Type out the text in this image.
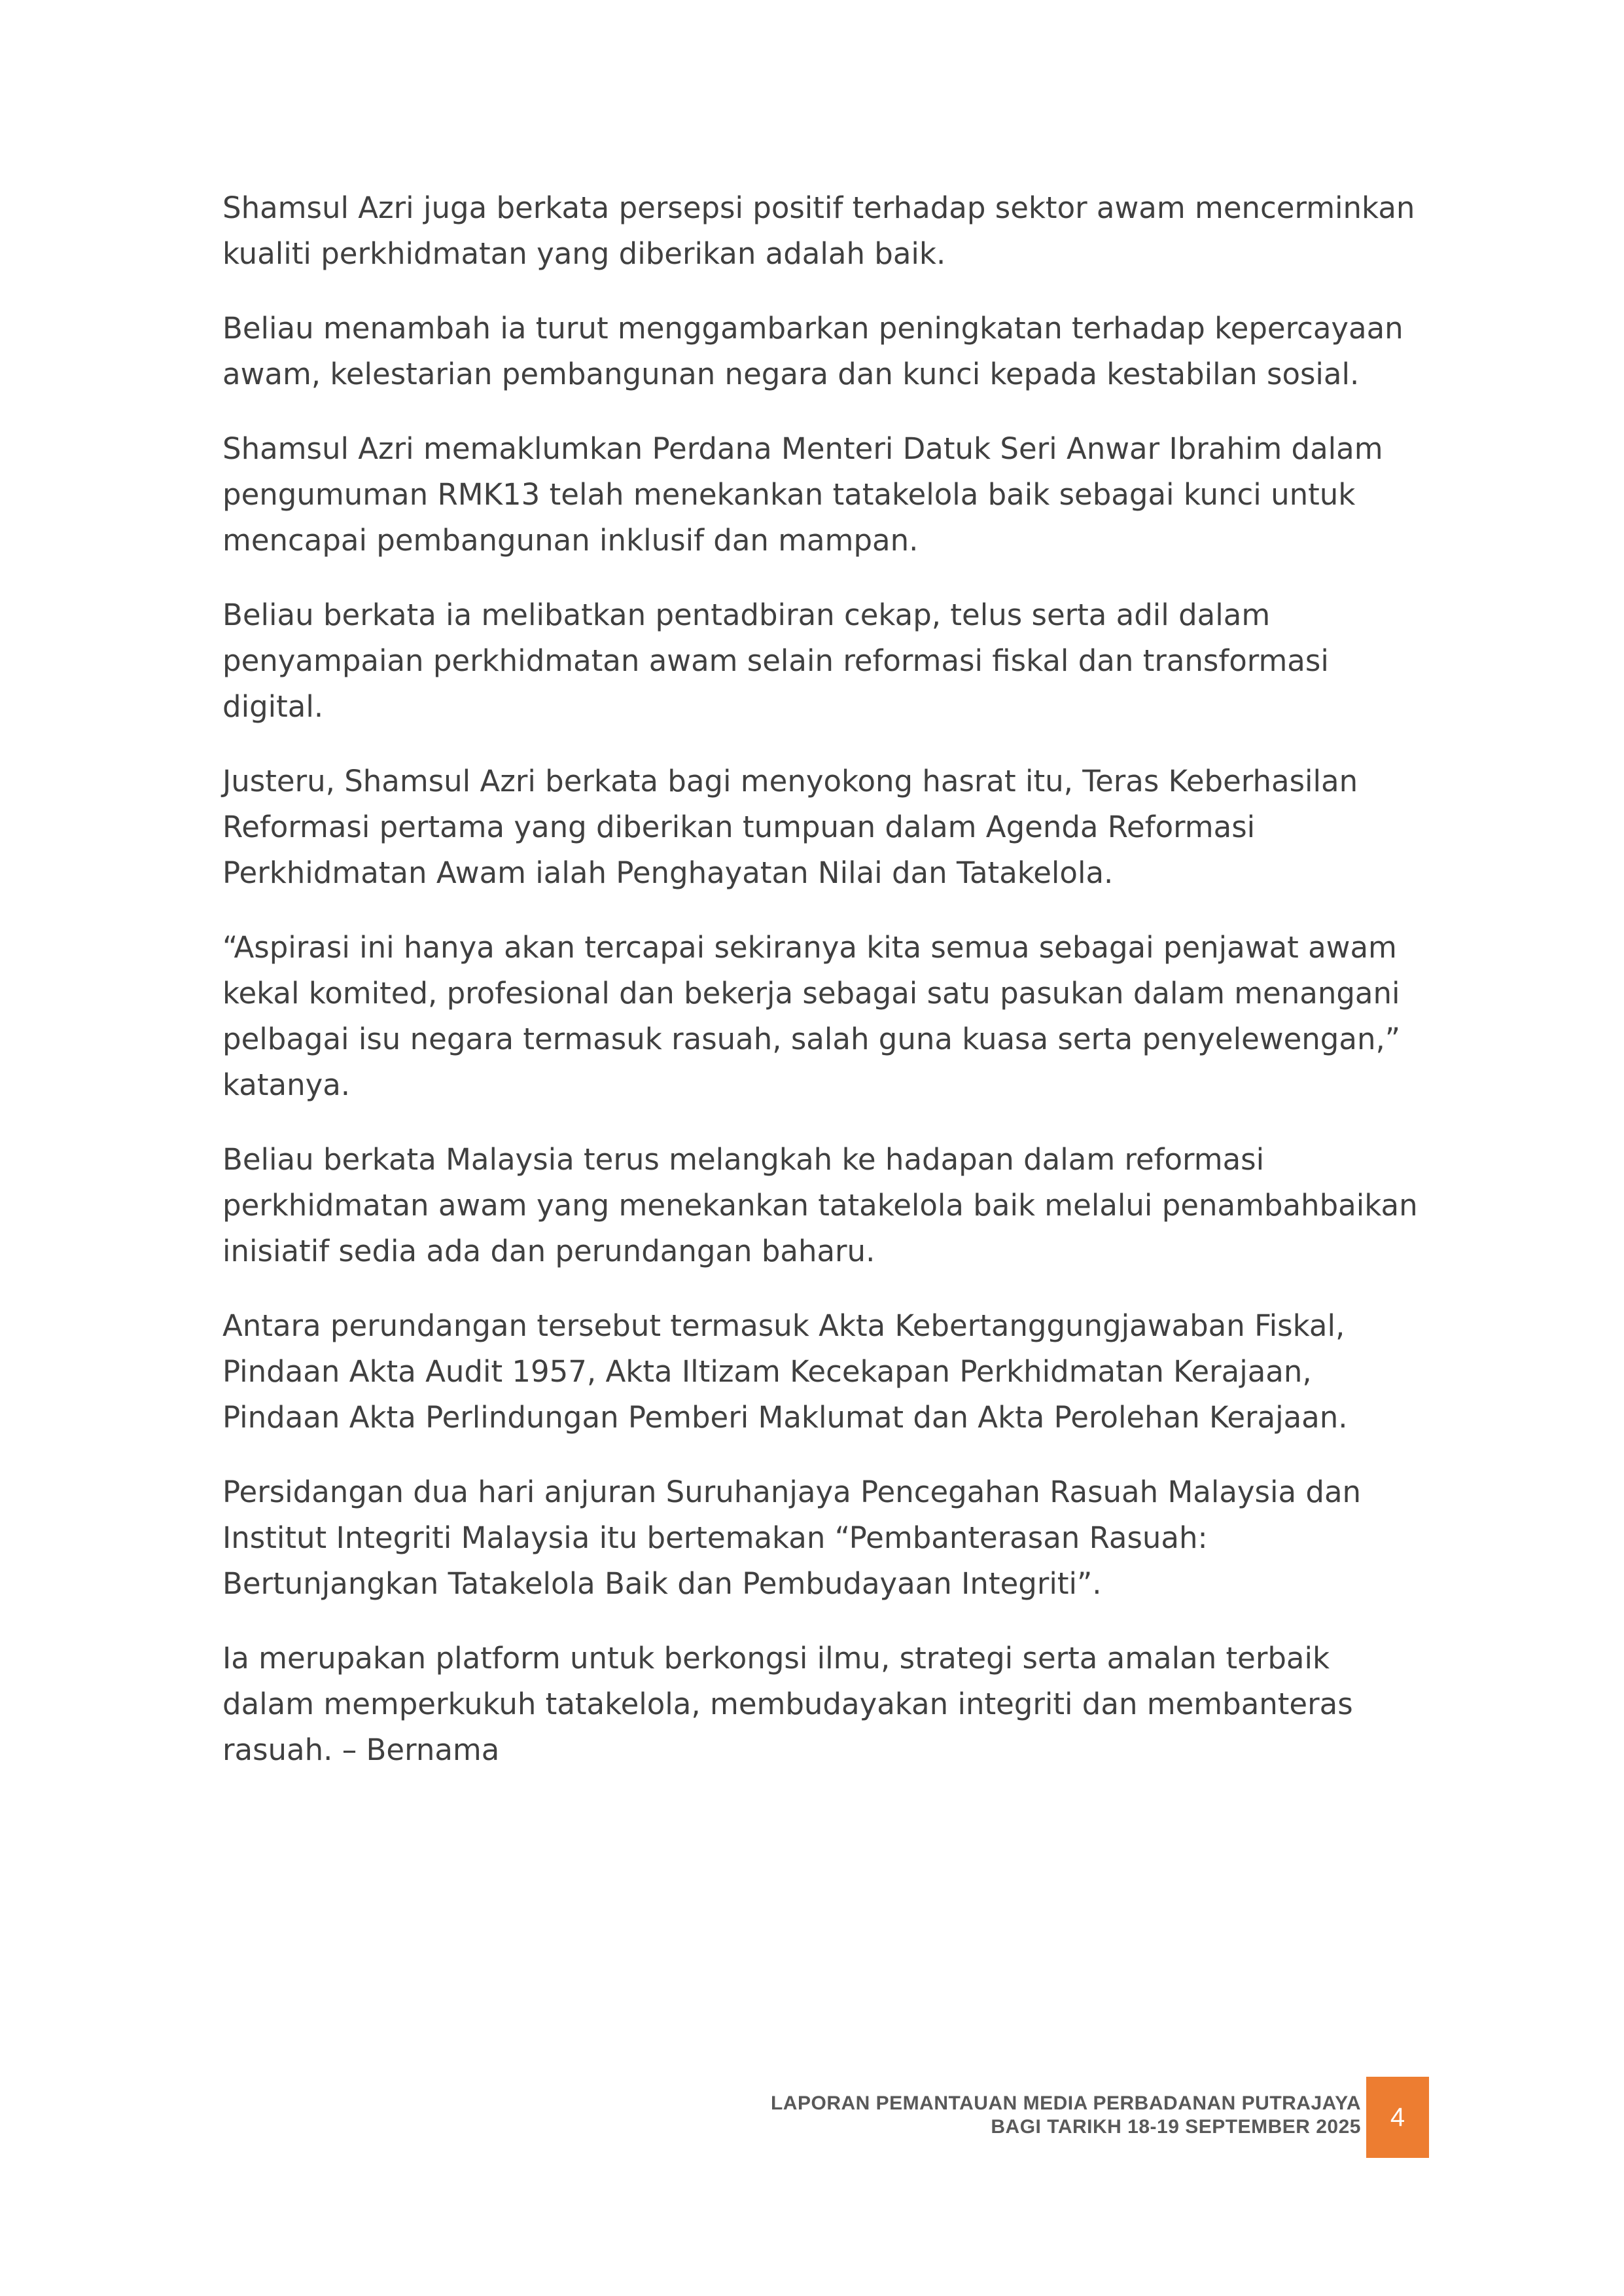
Shamsul Azri juga berkata persepsi positif terhadap sektor awam mencerminkan kualiti perkhidmatan yang diberikan adalah baik.

Beliau menambah ia turut menggambarkan peningkatan terhadap kepercayaan awam, kelestarian pembangunan negara dan kunci kepada kestabilan sosial.

Shamsul Azri memaklumkan Perdana Menteri Datuk Seri Anwar Ibrahim dalam pengumuman RMK13 telah menekankan tatakelola baik sebagai kunci untuk mencapai pembangunan inklusif dan mampan.

Beliau berkata ia melibatkan pentadbiran cekap, telus serta adil dalam penyampaian perkhidmatan awam selain reformasi fiskal dan transformasi digital.

Justeru, Shamsul Azri berkata bagi menyokong hasrat itu, Teras Keberhasilan Reformasi pertama yang diberikan tumpuan dalam Agenda Reformasi Perkhidmatan Awam ialah Penghayatan Nilai dan Tatakelola.

“Aspirasi ini hanya akan tercapai sekiranya kita semua sebagai penjawat awam kekal komited, profesional dan bekerja sebagai satu pasukan dalam menangani pelbagai isu negara termasuk rasuah, salah guna kuasa serta penyelewengan,” katanya.

Beliau berkata Malaysia terus melangkah ke hadapan dalam reformasi perkhidmatan awam yang menekankan tatakelola baik melalui penambahbaikan inisiatif sedia ada dan perundangan baharu.

Antara perundangan tersebut termasuk Akta Kebertanggungjawaban Fiskal, Pindaan Akta Audit 1957, Akta Iltizam Kecekapan Perkhidmatan Kerajaan, Pindaan Akta Perlindungan Pemberi Maklumat dan Akta Perolehan Kerajaan.

Persidangan dua hari anjuran Suruhanjaya Pencegahan Rasuah Malaysia dan Institut Integriti Malaysia itu bertemakan “Pembanterasan Rasuah: Bertunjangkan Tatakelola Baik dan Pembudayaan Integriti”.

Ia merupakan platform untuk berkongsi ilmu, strategi serta amalan terbaik dalam memperkukuh tatakelola, membudayakan integriti dan membanteras rasuah. – Bernama

LAPORAN PEMANTAUAN MEDIA PERBADANAN PUTRAJAYA
BAGI TARIKH 18-19 SEPTEMBER 2025 4
